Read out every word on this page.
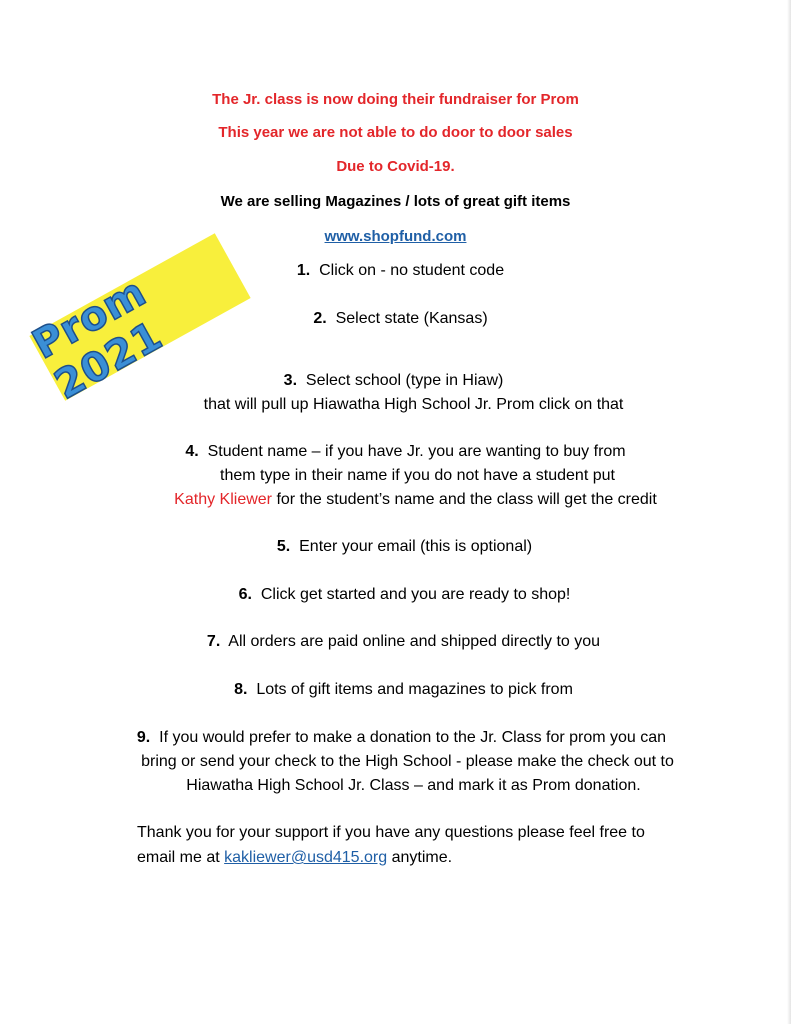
The Jr. class is now doing their fundraiser for Prom
This year we are not able to do door to door sales
Due to Covid-19.
We are selling Magazines / lots of great gift items
www.shopfund.com
Prom 2021
1. Click on - no student code
2. Select state (Kansas)
3. Select school (type in Hiaw)
that will pull up Hiawatha High School Jr. Prom click on that
4. Student name – if you have Jr. you are wanting to buy from
them type in their name if you do not have a student put
Kathy Kliewer for the student’s name and the class will get the credit
5. Enter your email (this is optional)
6. Click get started and you are ready to shop!
7. All orders are paid online and shipped directly to you
8. Lots of gift items and magazines to pick from
9. If you would prefer to make a donation to the Jr. Class for prom you can
bring or send your check to the High School - please make the check out to
Hiawatha High School Jr. Class – and mark it as Prom donation.
Thank you for your support if you have any questions please feel free to
email me at kakliewer@usd415.org anytime.
